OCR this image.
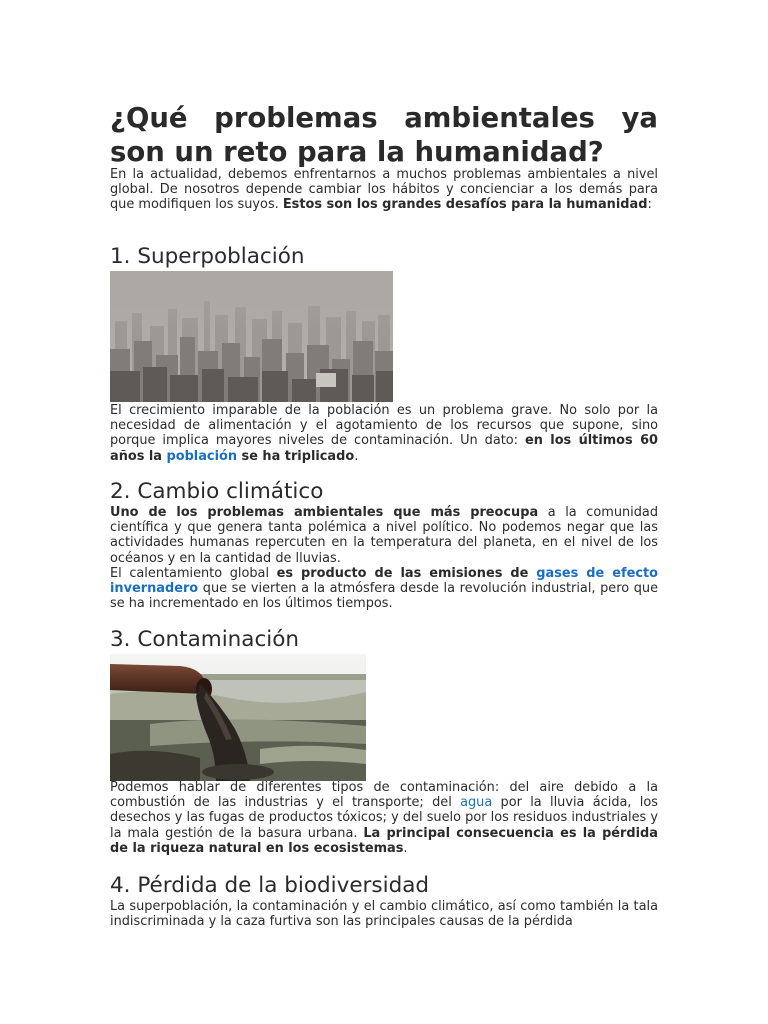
¿Qué problemas ambientales ya son un reto para la humanidad?

En la actualidad, debemos enfrentarnos a muchos problemas ambientales a nivel global. De nosotros depende cambiar los hábitos y concienciar a los demás para que modifiquen los suyos. Estos son los grandes desafíos para la humanidad:

1. Superpoblación

El crecimiento imparable de la población es un problema grave. No solo por la necesidad de alimentación y el agotamiento de los recursos que supone, sino porque implica mayores niveles de contaminación. Un dato: en los últimos 60 años la población se ha triplicado.

2. Cambio climático

Uno de los problemas ambientales que más preocupa a la comunidad científica y que genera tanta polémica a nivel político. No podemos negar que las actividades humanas repercuten en la temperatura del planeta, en el nivel de los océanos y en la cantidad de lluvias.

El calentamiento global es producto de las emisiones de gases de efecto invernadero que se vierten a la atmósfera desde la revolución industrial, pero que se ha incrementado en los últimos tiempos.

3. Contaminación

Podemos hablar de diferentes tipos de contaminación: del aire debido a la combustión de las industrias y el transporte; del agua por la lluvia ácida, los desechos y las fugas de productos tóxicos; y del suelo por los residuos industriales y la mala gestión de la basura urbana. La principal consecuencia es la pérdida de la riqueza natural en los ecosistemas.

4. Pérdida de la biodiversidad

La superpoblación, la contaminación y el cambio climático, así como también la tala indiscriminada y la caza furtiva son las principales causas de la pérdida
